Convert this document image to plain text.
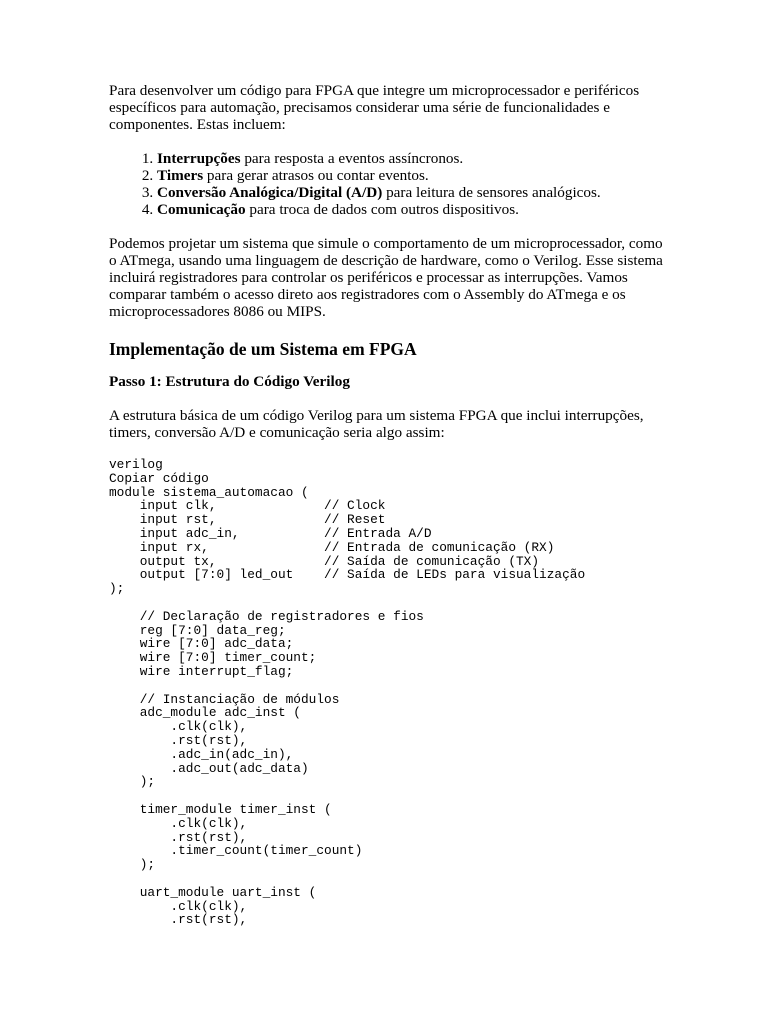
Para desenvolver um código para FPGA que integre um microprocessador e periféricos específicos para automação, precisamos considerar uma série de funcionalidades e componentes. Estas incluem:

1. Interrupções para resposta a eventos assíncronos.
2. Timers para gerar atrasos ou contar eventos.
3. Conversão Analógica/Digital (A/D) para leitura de sensores analógicos.
4. Comunicação para troca de dados com outros dispositivos.

Podemos projetar um sistema que simule o comportamento de um microprocessador, como o ATmega, usando uma linguagem de descrição de hardware, como o Verilog. Esse sistema incluirá registradores para controlar os periféricos e processar as interrupções. Vamos comparar também o acesso direto aos registradores com o Assembly do ATmega e os microprocessadores 8086 ou MIPS.

Implementação de um Sistema em FPGA
Passo 1: Estrutura do Código Verilog

A estrutura básica de um código Verilog para um sistema FPGA que inclui interrupções, timers, conversão A/D e comunicação seria algo assim:

verilog
Copiar código
module sistema_automacao (
input clk,              // Clock
input rst,              // Reset
input adc_in,           // Entrada A/D
input rx,               // Entrada de comunicação (RX)
output tx,              // Saída de comunicação (TX)
output [7:0] led_out    // Saída de LEDs para visualização
);

// Declaração de registradores e fios
reg [7:0] data_reg;
wire [7:0] adc_data;
wire [7:0] timer_count;
wire interrupt_flag;

// Instanciação de módulos
adc_module adc_inst (
.clk(clk),
.rst(rst),
.adc_in(adc_in),
.adc_out(adc_data)
);

timer_module timer_inst (
.clk(clk),
.rst(rst),
.timer_count(timer_count)
);

uart_module uart_inst (
.clk(clk),
.rst(rst),
